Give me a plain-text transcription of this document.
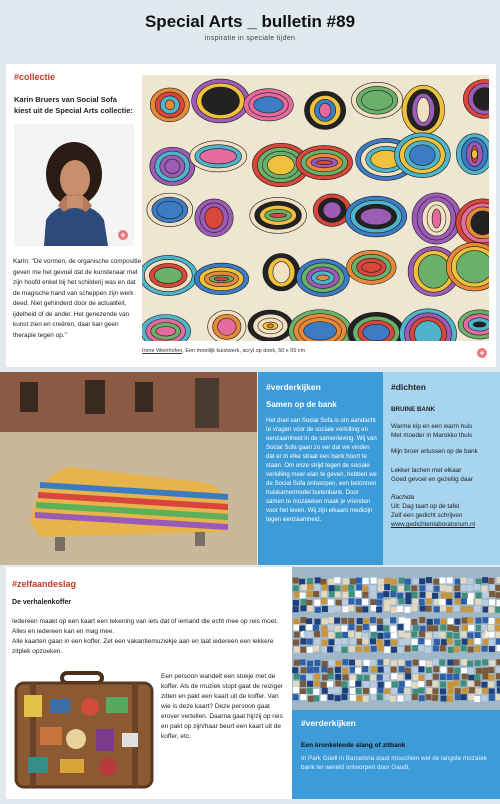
Special Arts _ bulletin #89
inspiratie in speciale tijden
#collectie
Karin Bruers van Social Sofa kiest uit de Special Arts collectie:
+
Karin: "De vormen, de organische compositie geven me het gevoel dat de kunstenaar met zijn hoofd enkel bij het schilderij was en dat de magische hand van scheppen zijn werk deed. Niet gehinderd door de actualiteit, ijdelheid of de ander. Het genezende van kunst zien en creëren, daar kan geen therapie tegen op."
Irene Weinhofen, Een moeilijk kuistwerk, acryl op doek, 50 x 65 cm	+
#verderkijken
Samen op de bank
Het doel van Social Sofa is om aandacht te vragen voor de sociale verkilling en eenzaamheid in de samenleving. Wij van Social Sofa gaan zo ver dat we vinden dat er in elke straat een bank hoort te staan. Om onze strijd tegen de sociale verkilling meer elan te geven, hebben we de Social Sofa ontworpen, een betonnen huiskamermodel buitenbank. Door samen te mozaieken maak je vrienden voor het leven. Wij zijn elkaars medicijn tegen eenzaamheid.
#dichten
BRUINE BANK
Warme kip en een warm huis
Met moeder in Marokko thuis
Mijn broer ertussen op de bank
Lekker lachen met elkaar
Goed gevoel en gezellig daar
Rachida
Uit: Dag taart op de tafel
Zelf een gedicht schrijven
www.gedichtenlaboratorium.nl
#zelfaandeslag
De verhalenkoffer
Iedereen maakt op een kaart een tekening van iets dat of iemand die echt mee op reis moet. Alles en iedereen kan en mag mee.
Alle kaarten gaan in een koffer. Zet een vakantiemuziekje aan en laat iedereen een lekkere zitplek opzoeken.
Een persoon wandelt een stukje met de koffer. Als de muziek stopt gaat de reiziger zitten en pakt een kaart uit de koffer. Van wie is deze kaart? Deze persoon gaat erover vertellen. Daarna gaat hij/zij op reis en pakt op zijn/haar beurt een kaart uit de koffer, etc.
‹	›
#verderkijken
Een kronkelende slang of zitbank
In Park Güell in Barcelona staat misschien wel de langste mozaïek bank ter wereld ontworpen door Gaudi.
